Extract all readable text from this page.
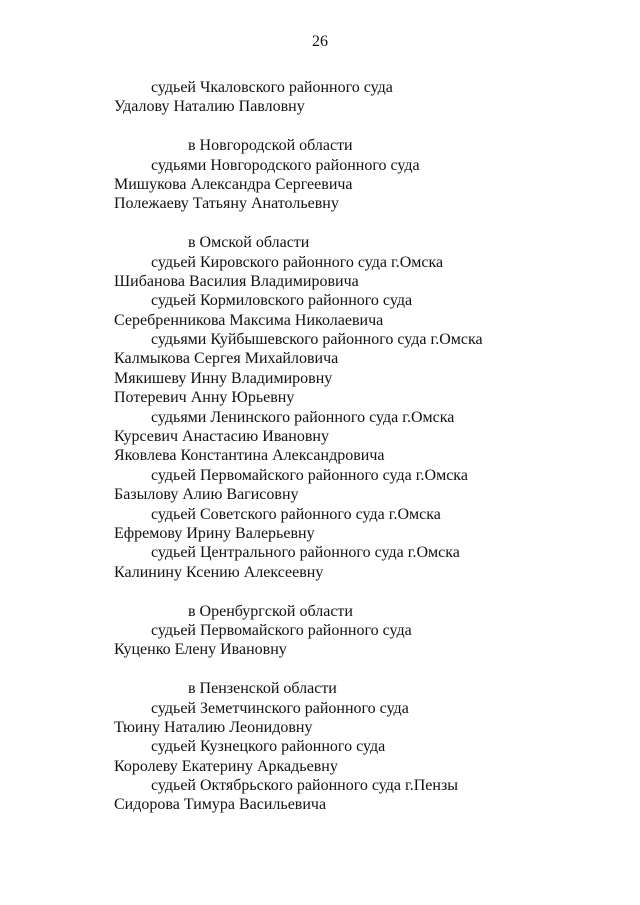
26
судьей Чкаловского районного суда
Удалову Наталию Павловну
в Новгородской области
судьями Новгородского районного суда
Мишукова Александра Сергеевича
Полежаеву Татьяну Анатольевну
в Омской области
судьей Кировского районного суда г.Омска
Шибанова Василия Владимировича
судьей Кормиловского районного суда
Серебренникова Максима Николаевича
судьями Куйбышевского районного суда г.Омска
Калмыкова Сергея Михайловича
Мякишеву Инну Владимировну
Потеревич Анну Юрьевну
судьями Ленинского районного суда г.Омска
Курсевич Анастасию Ивановну
Яковлева Константина Александровича
судьей Первомайского районного суда г.Омска
Базылову Алию Вагисовну
судьей Советского районного суда г.Омска
Ефремову Ирину Валерьевну
судьей Центрального районного суда г.Омска
Калинину Ксению Алексеевну
в Оренбургской области
судьей Первомайского районного суда
Куценко Елену Ивановну
в Пензенской области
судьей Земетчинского районного суда
Тюину Наталию Леонидовну
судьей Кузнецкого районного суда
Королеву Екатерину Аркадьевну
судьей Октябрьского районного суда г.Пензы
Сидорова Тимура Васильевича
